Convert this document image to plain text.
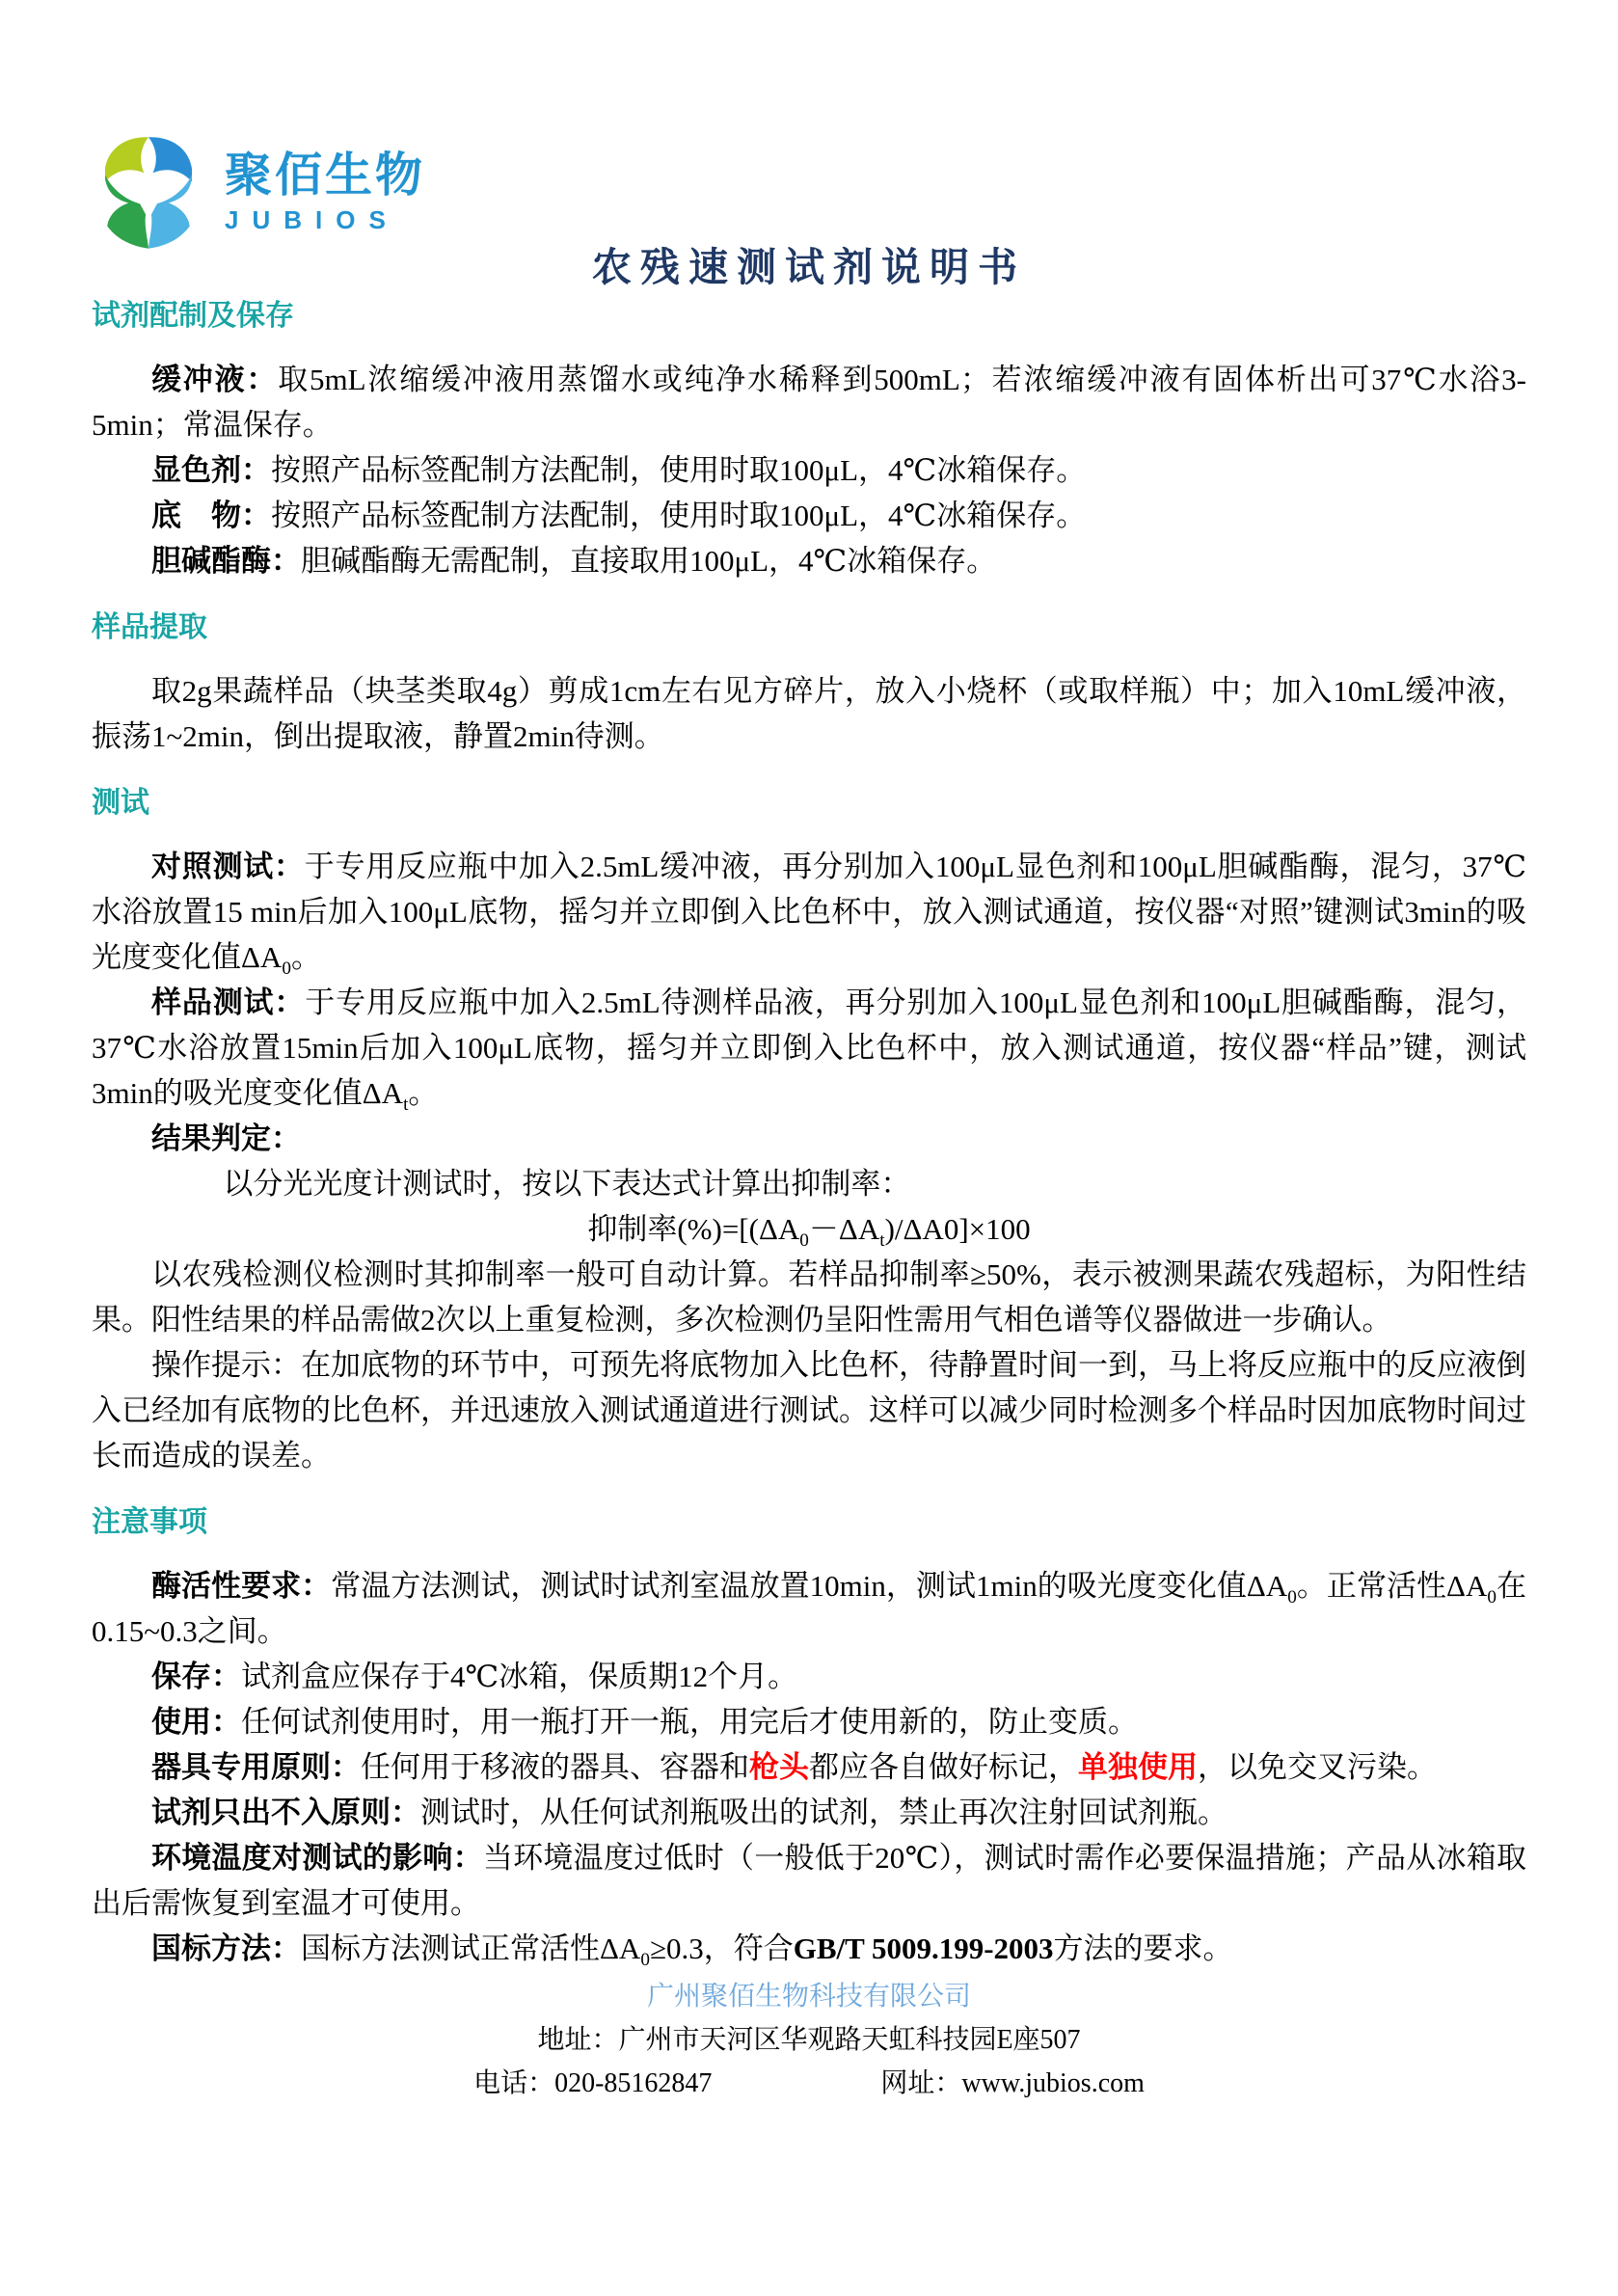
聚佰生物
JUBIOS
农残速测试剂说明书
试剂配制及保存

缓冲液：取5mL浓缩缓冲液用蒸馏水或纯净水稀释到500mL；若浓缩缓冲液有固体析出可37℃水浴3-5min；常温保存。

显色剂：按照产品标签配制方法配制，使用时取100μL，4℃冰箱保存。

底　物：按照产品标签配制方法配制，使用时取100μL，4℃冰箱保存。

胆碱酯酶：胆碱酯酶无需配制，直接取用100μL，4℃冰箱保存。

样品提取

取2g果蔬样品（块茎类取4g）剪成1cm左右见方碎片，放入小烧杯（或取样瓶）中；加入10mL缓冲液，振荡1~2min，倒出提取液，静置2min待测。

测试

对照测试：于专用反应瓶中加入2.5mL缓冲液，再分别加入100μL显色剂和100μL胆碱酯酶，混匀，37℃水浴放置15 min后加入100μL底物，摇匀并立即倒入比色杯中，放入测试通道，按仪器“对照”键测试3min的吸光度变化值$\Delta A_0$。

样品测试：于专用反应瓶中加入2.5mL待测样品液，再分别加入100μL显色剂和100μL胆碱酯酶，混匀，37℃水浴放置15min后加入100μL底物，摇匀并立即倒入比色杯中，放入测试通道，按仪器“样品”键，测试3min的吸光度变化值$\Delta A_t$。

结果判定：

以分光光度计测试时，按以下表达式计算出抑制率：

抑制率$(\%)=[(\Delta A_0-\Delta A_t)/\Delta A0]\times 100$

以农残检测仪检测时其抑制率一般可自动计算。若样品抑制率≥50%，表示被测果蔬农残超标，为阳性结果。阳性结果的样品需做2次以上重复检测，多次检测仍呈阳性需用气相色谱等仪器做进一步确认。

操作提示：在加底物的环节中，可预先将底物加入比色杯，待静置时间一到，马上将反应瓶中的反应液倒入已经加有底物的比色杯，并迅速放入测试通道进行测试。这样可以减少同时检测多个样品时因加底物时间过长而造成的误差。

注意事项

酶活性要求：常温方法测试，测试时试剂室温放置10min，测试1min的吸光度变化值$\Delta A_0$。正常活性$\Delta A_0$在0.15~0.3之间。

保存：试剂盒应保存于4℃冰箱，保质期12个月。

使用：任何试剂使用时，用一瓶打开一瓶，用完后才使用新的，防止变质。

器具专用原则：任何用于移液的器具、容器和枪头都应各自做好标记，单独使用，以免交叉污染。

试剂只出不入原则：测试时，从任何试剂瓶吸出的试剂，禁止再次注射回试剂瓶。

环境温度对测试的影响：当环境温度过低时（一般低于20℃），测试时需作必要保温措施；产品从冰箱取出后需恢复到室温才可使用。

国标方法：国标方法测试正常活性$\Delta A_0\ge 0.3$，符合GB/T 5009.199-2003方法的要求。

广州聚佰生物科技有限公司
地址：广州市天河区华观路天虹科技园E座507
电话：020-85162847	网址：www.jubios.com
